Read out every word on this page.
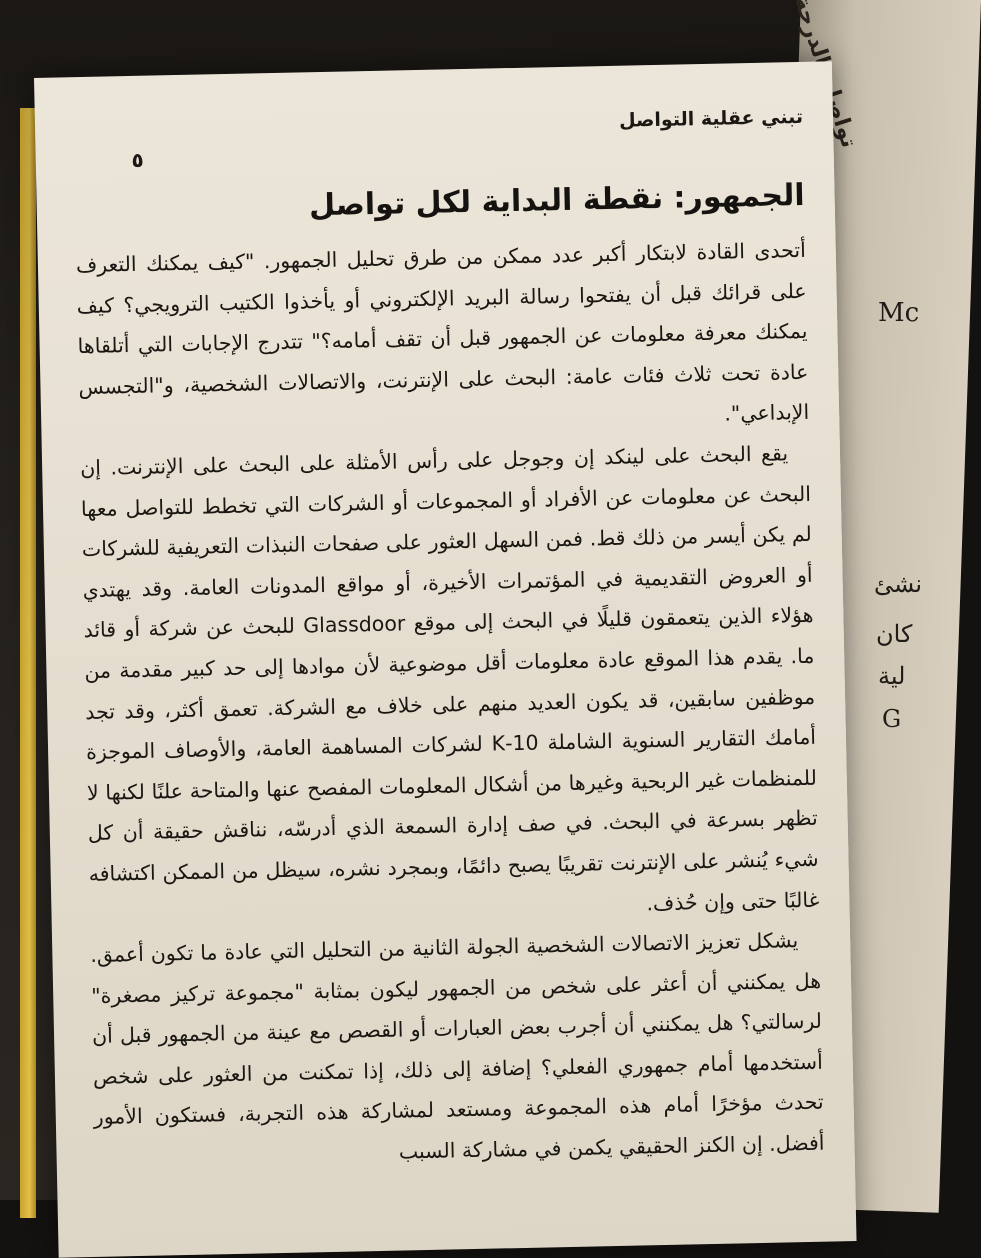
تواصل بالدرجة
Mc
نشئ
كان
لية
G
تبني عقلية التواصل
٥
الجمهور: نقطة البداية لكل تواصل

أتحدى القادة لابتكار أكبر عدد ممكن من طرق تحليل الجمهور. "كيف يمكنك التعرف على قرائك قبل أن يفتحوا رسالة البريد الإلكتروني أو يأخذوا الكتيب الترويجي؟ كيف يمكنك معرفة معلومات عن الجمهور قبل أن تقف أمامه؟" تتدرج الإجابات التي أتلقاها عادة تحت ثلاث فئات عامة: البحث على الإنترنت، والاتصالات الشخصية، و"التجسس الإبداعي".

يقع البحث على لينكد إن وجوجل على رأس الأمثلة على البحث على الإنترنت. إن البحث عن معلومات عن الأفراد أو المجموعات أو الشركات التي تخطط للتواصل معها لم يكن أيسر من ذلك قط. فمن السهل العثور على صفحات النبذات التعريفية للشركات أو العروض التقديمية في المؤتمرات الأخيرة، أو مواقع المدونات العامة. وقد يهتدي هؤلاء الذين يتعمقون قليلًا في البحث إلى موقع Glassdoor للبحث عن شركة أو قائد ما. يقدم هذا الموقع عادة معلومات أقل موضوعية لأن موادها إلى حد كبير مقدمة من موظفين سابقين، قد يكون العديد منهم على خلاف مع الشركة. تعمق أكثر، وقد تجد أمامك التقارير السنوية الشاملة 10-K لشركات المساهمة العامة، والأوصاف الموجزة للمنظمات غير الربحية وغيرها من أشكال المعلومات المفصح عنها والمتاحة علنًا لكنها لا تظهر بسرعة في البحث. في صف إدارة السمعة الذي أدرسّه، نناقش حقيقة أن كل شيء يُنشر على الإنترنت تقريبًا يصبح دائمًا، وبمجرد نشره، سيظل من الممكن اكتشافه غالبًا حتى وإن حُذف.

يشكل تعزيز الاتصالات الشخصية الجولة الثانية من التحليل التي عادة ما تكون أعمق. هل يمكنني أن أعثر على شخص من الجمهور ليكون بمثابة "مجموعة تركيز مصغرة" لرسالتي؟ هل يمكنني أن أجرب بعض العبارات أو القصص مع عينة من الجمهور قبل أن أستخدمها أمام جمهوري الفعلي؟ إضافة إلى ذلك، إذا تمكنت من العثور على شخص تحدث مؤخرًا أمام هذه المجموعة ومستعد لمشاركة هذه التجربة، فستكون الأمور أفضل. إن الكنز الحقيقي يكمن في مشاركة السبب
